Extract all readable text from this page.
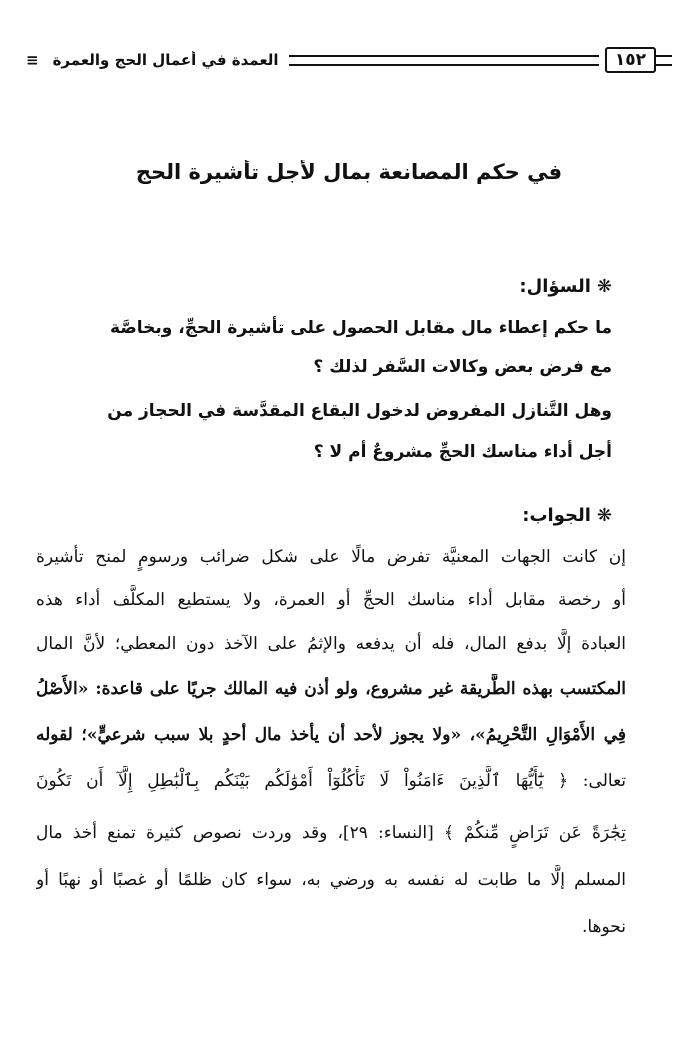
١٥٢
العمدة في أعمال الحج والعمرة
≡
في حكم المصانعة بمال لأجل تأشيرة الحج
❋السؤال:
ما حكم إعطاء مال مقابل الحصول على تأشيرة الحجِّ، وبخاصَّة
مع فرض بعض وكالات السَّفر لذلك ؟
وهل التَّنازل المفروض لدخول البقاع المقدَّسة في الحجاز من
أجل أداء مناسك الحجِّ مشروعٌ أم لا ؟
❋الجواب:
إن كانت الجهات المعنيَّة تفرض مالًا على شكل ضرائب ورسومٍ لمنح تأشيرة
أو رخصة مقابل أداء مناسك الحجِّ أو العمرة، ولا يستطيع المكلَّف أداء هذه
العبادة إلَّا بدفع المال، فله أن يدفعه والإثمُ على الآخذ دون المعطي؛ لأنَّ المال
المكتسب بهذه الطَّريقة غير مشروع، ولو أذن فيه المالك جريًا على قاعدة: «الأَصْلُ
فِي الأَمْوَالِ التَّحْرِيمُ»، «ولا يجوز لأحد أن يأخذ مال أحدٍ بلا سبب شرعيٍّ»؛ لقوله
تعالى: ﴿ يَٰٓأَيُّهَا ٱلَّذِينَ ءَامَنُواْ لَا تَأْكُلُوٓاْ أَمْوَٰلَكُم بَيْنَكُم بِٱلْبَٰطِلِ إِلَّآ أَن تَكُونَ
تِجَٰرَةً عَن تَرَاضٍ مِّنكُمْ ﴾ [النساء: ٢٩]، وقد وردت نصوص كثيرة تمنع أخذ مال
المسلم إلَّا ما طابت له نفسه به ورضي به، سواء كان ظلمًا أو غصبًا أو نهبًا أو
نحوها.
